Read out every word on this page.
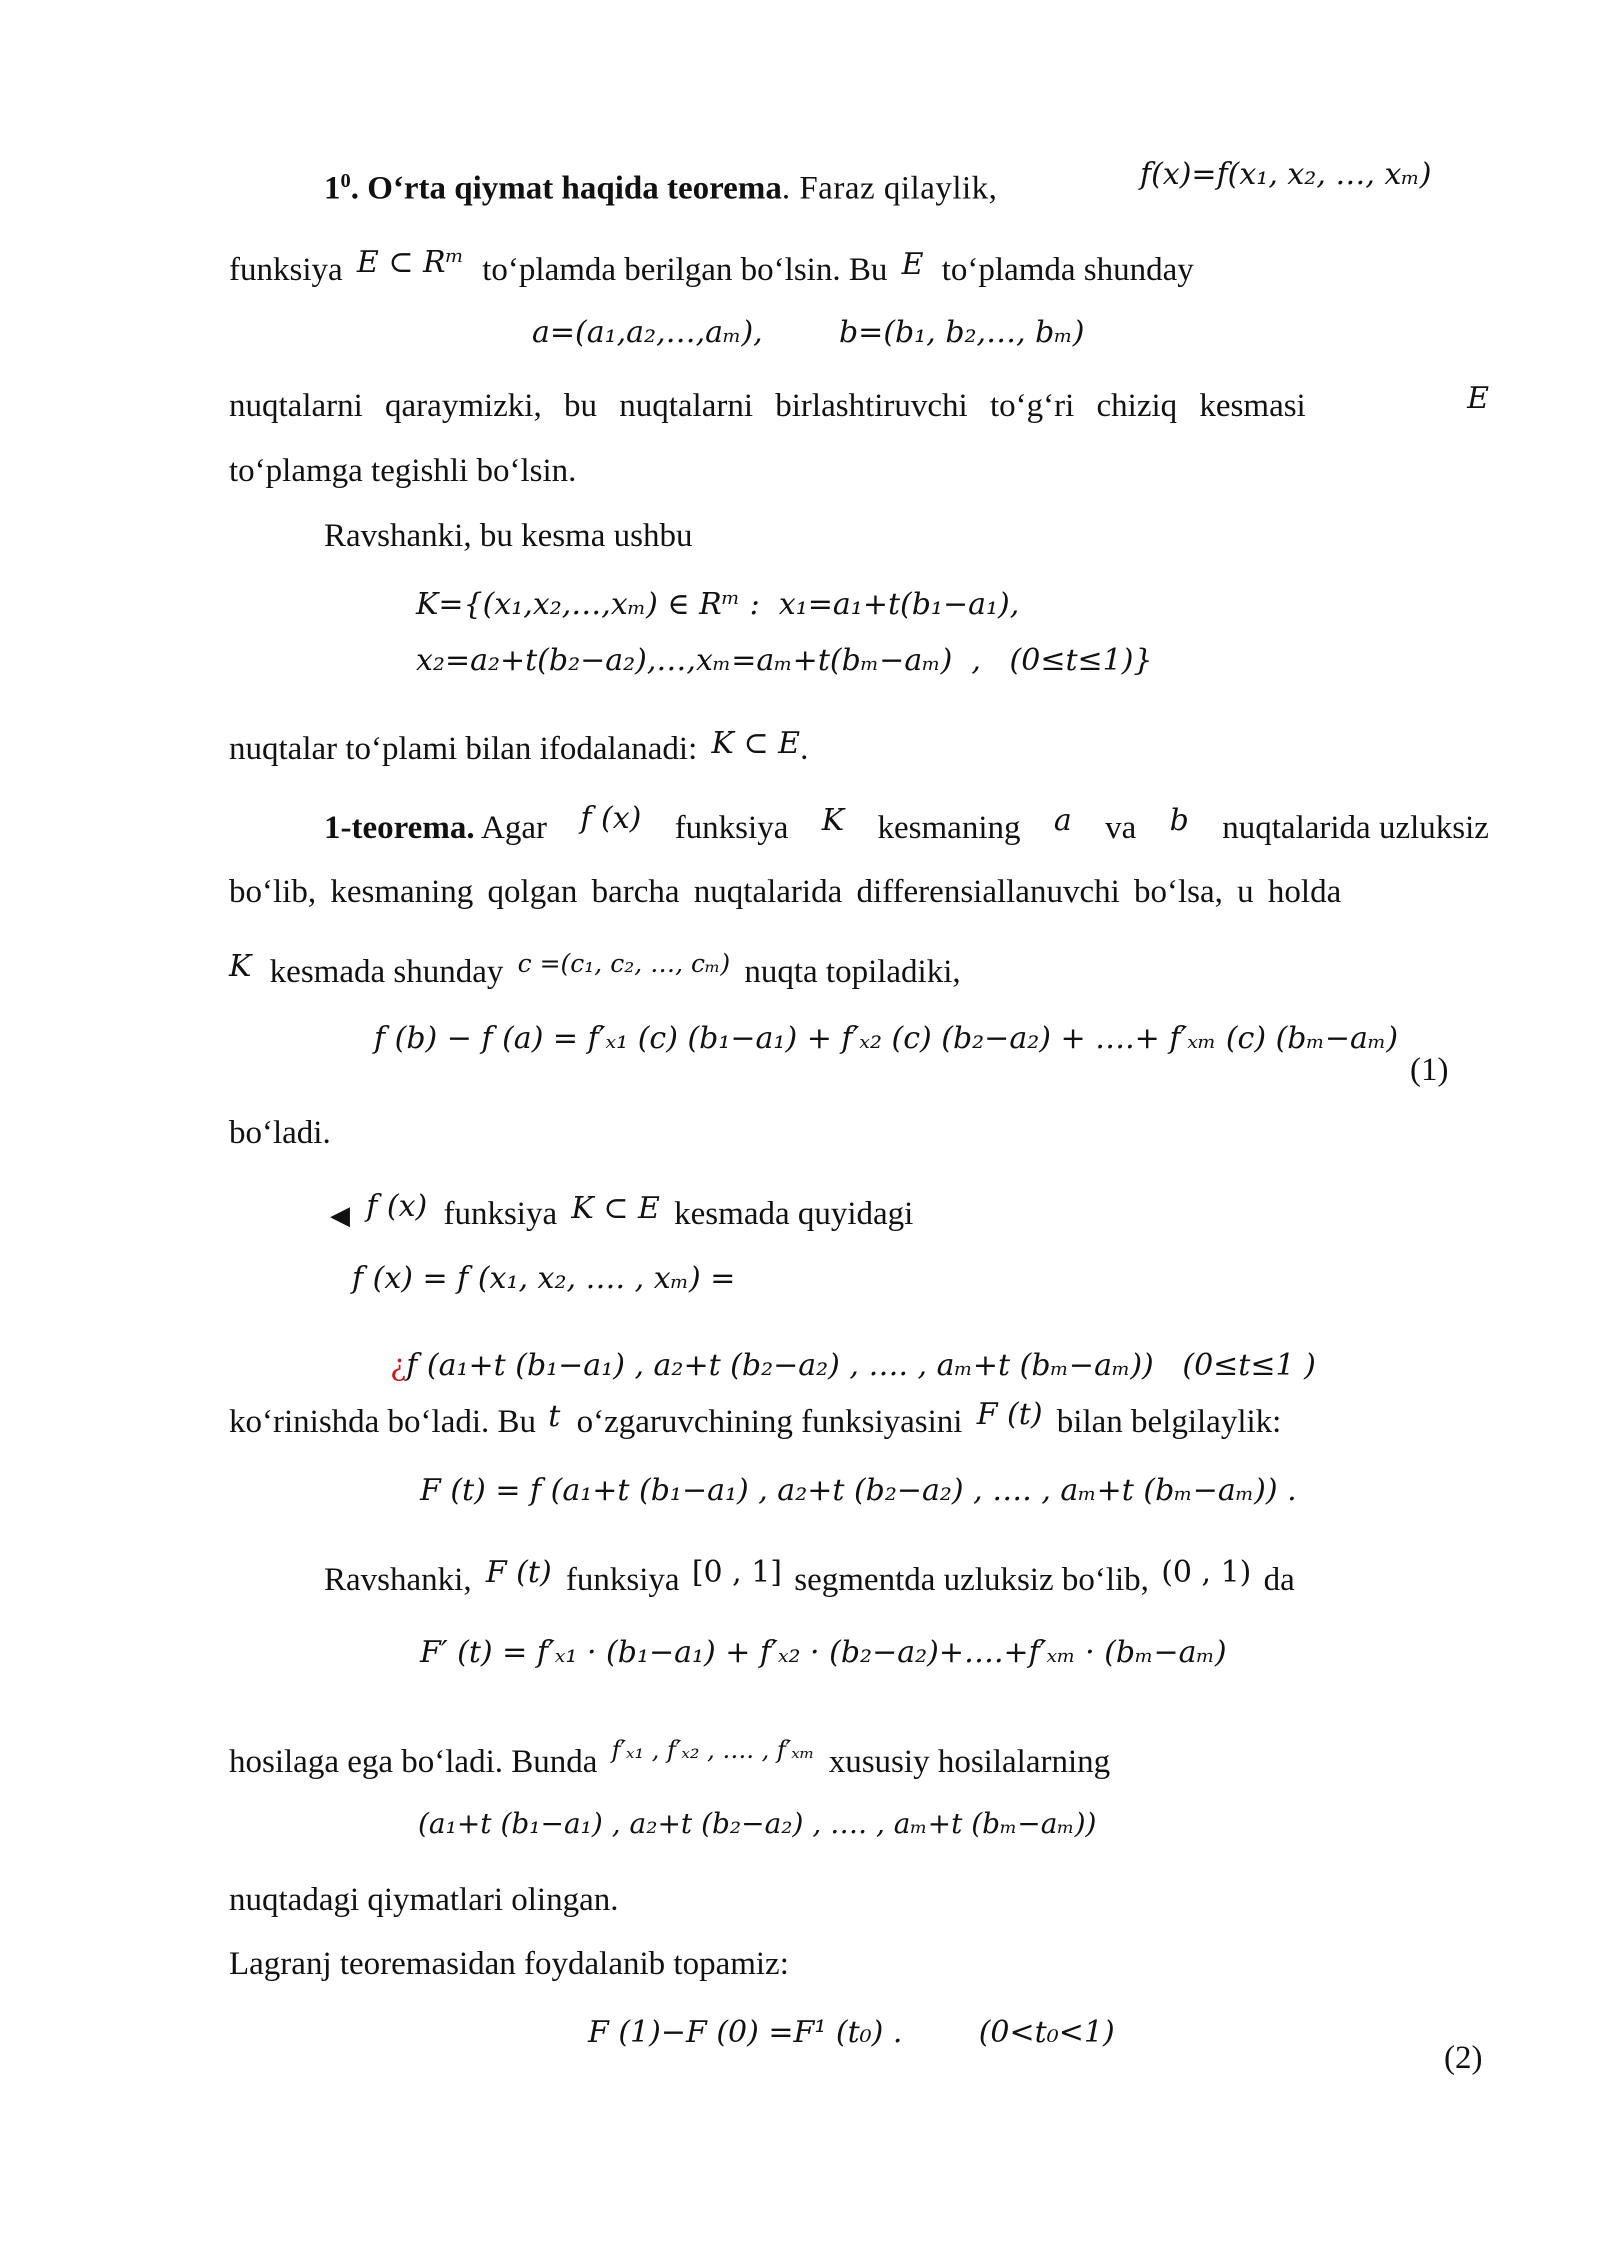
$1^0$. O‘rta qiymat haqida teorema. Faraz qilaylik,	f(x)=f(x₁, x₂, …, xₘ)
funksiya E ⊂ Rᵐ to‘plamda berilgan bo‘lsin. Bu E to‘plamda shunday
a=(a₁,a₂,…,aₘ),        b=(b₁, b₂,…, bₘ)
nuqtalarni qaraymizki, bu nuqtalarni birlashtiruvchi to‘g‘ri chiziq kesmasi	E
to‘plamga tegishli bo‘lsin.
Ravshanki, bu kesma ushbu
K={(x₁,x₂,…,xₘ) ∈ Rᵐ :  x₁=a₁+t(b₁−a₁),
x₂=a₂+t(b₂−a₂),…,xₘ=aₘ+t(bₘ−aₘ)  ,   (0≤t≤1)}
nuqtalar to‘plami bilan ifodalanadi: K ⊂ E.
1-teorema. Agar f (x) funksiya K kesmaning a va b nuqtalarida uzluksiz
bo‘lib, kesmaning qolgan barcha nuqtalarida differensiallanuvchi bo‘lsa, u holda
K kesmada shunday $^{c =(c_1, c_2, \dots, c_m)}$ nuqta topiladiki,
f (b) − f (a) = f′ₓ₁ (c) (b₁−a₁) + f′ₓ₂ (c) (b₂−a₂) + ….+ f′ₓₘ (c) (bₘ−aₘ)
(1)
bo‘ladi.
◀ f (x) funksiya K ⊂ E kesmada quyidagi
f (x) = f (x₁, x₂, …. , xₘ) =

¿f (a₁+t (b₁−a₁) , a₂+t (b₂−a₂) , …. , aₘ+t (bₘ−aₘ))   (0≤t≤1 )

ko‘rinishda bo‘ladi. Bu t o‘zgaruvchining funksiyasini F (t) bilan belgilaylik:
F (t) = f (a₁+t (b₁−a₁) , a₂+t (b₂−a₂) , …. , aₘ+t (bₘ−aₘ)) .
Ravshanki, F (t) funksiya [0 , 1] segmentda uzluksiz bo‘lib, (0 , 1) da
F′ (t) = f′ₓ₁ · (b₁−a₁) + f′ₓ₂ · (b₂−a₂)+….+f′ₓₘ · (bₘ−aₘ)
hosilaga ega bo‘ladi. Bunda $^{f'_{x1} , f'_{x2} , \dots. , f'_{xm}}$ xususiy hosilalarning
(a₁+t (b₁−a₁) , a₂+t (b₂−a₂) , …. , aₘ+t (bₘ−aₘ))
nuqtadagi qiymatlari olingan.
Lagranj teoremasidan foydalanib topamiz:
F (1)−F (0) =F¹ (t₀) .        (0<t₀<1)
(2)
